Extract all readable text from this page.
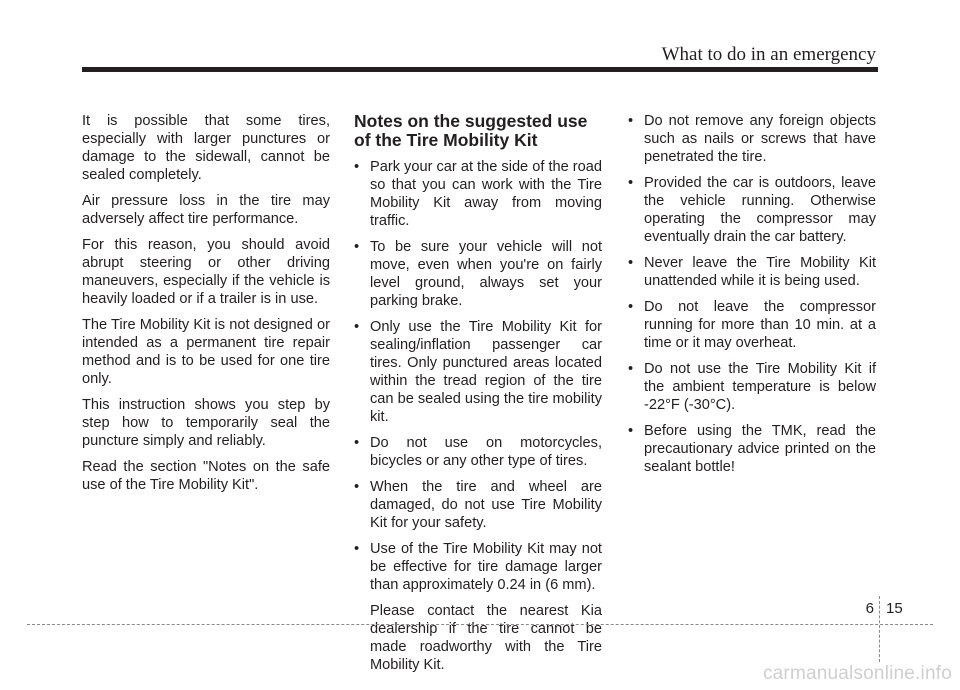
What to do in an emergency

It is possible that some tires, especially with larger punctures or damage to the sidewall, cannot be sealed completely.

Air pressure loss in the tire may adversely affect tire performance.

For this reason, you should avoid abrupt steering or other driving maneuvers, especially if the vehicle is heavily loaded or if a trailer is in use.

The Tire Mobility Kit is not designed or intended as a permanent tire repair method and is to be used for one tire only.

This instruction shows you step by step how to temporarily seal the puncture simply and reliably.

Read the section "Notes on the safe use of the Tire Mobility Kit".

Notes on the suggested use of the Tire Mobility Kit
• Park your car at the side of the road so that you can work with the Tire Mobility Kit away from moving traffic.
• To be sure your vehicle will not move, even when you're on fairly level ground, always set your parking brake.
• Only use the Tire Mobility Kit for sealing/inflation passenger car tires. Only punctured areas located within the tread region of the tire can be sealed using the tire mobility kit.
• Do not use on motorcycles, bicycles or any other type of tires.
• When the tire and wheel are damaged, do not use Tire Mobility Kit for your safety.
• Use of the Tire Mobility Kit may not be effective for tire damage larger than approximately 0.24 in (6 mm).

Please contact the nearest Kia dealership if the tire cannot be made roadworthy with the Tire Mobility Kit.

• Do not remove any foreign objects such as nails or screws that have penetrated the tire.
• Provided the car is outdoors, leave the vehicle running. Otherwise operating the compressor may eventually drain the car battery.
• Never leave the Tire Mobility Kit unattended while it is being used.
• Do not leave the compressor running for more than 10 min. at a time or it may overheat.
• Do not use the Tire Mobility Kit if the ambient temperature is below -22°F (-30°C).
• Before using the TMK, read the precautionary advice printed on the sealant bottle!
6 15
carmanualsonline.info
